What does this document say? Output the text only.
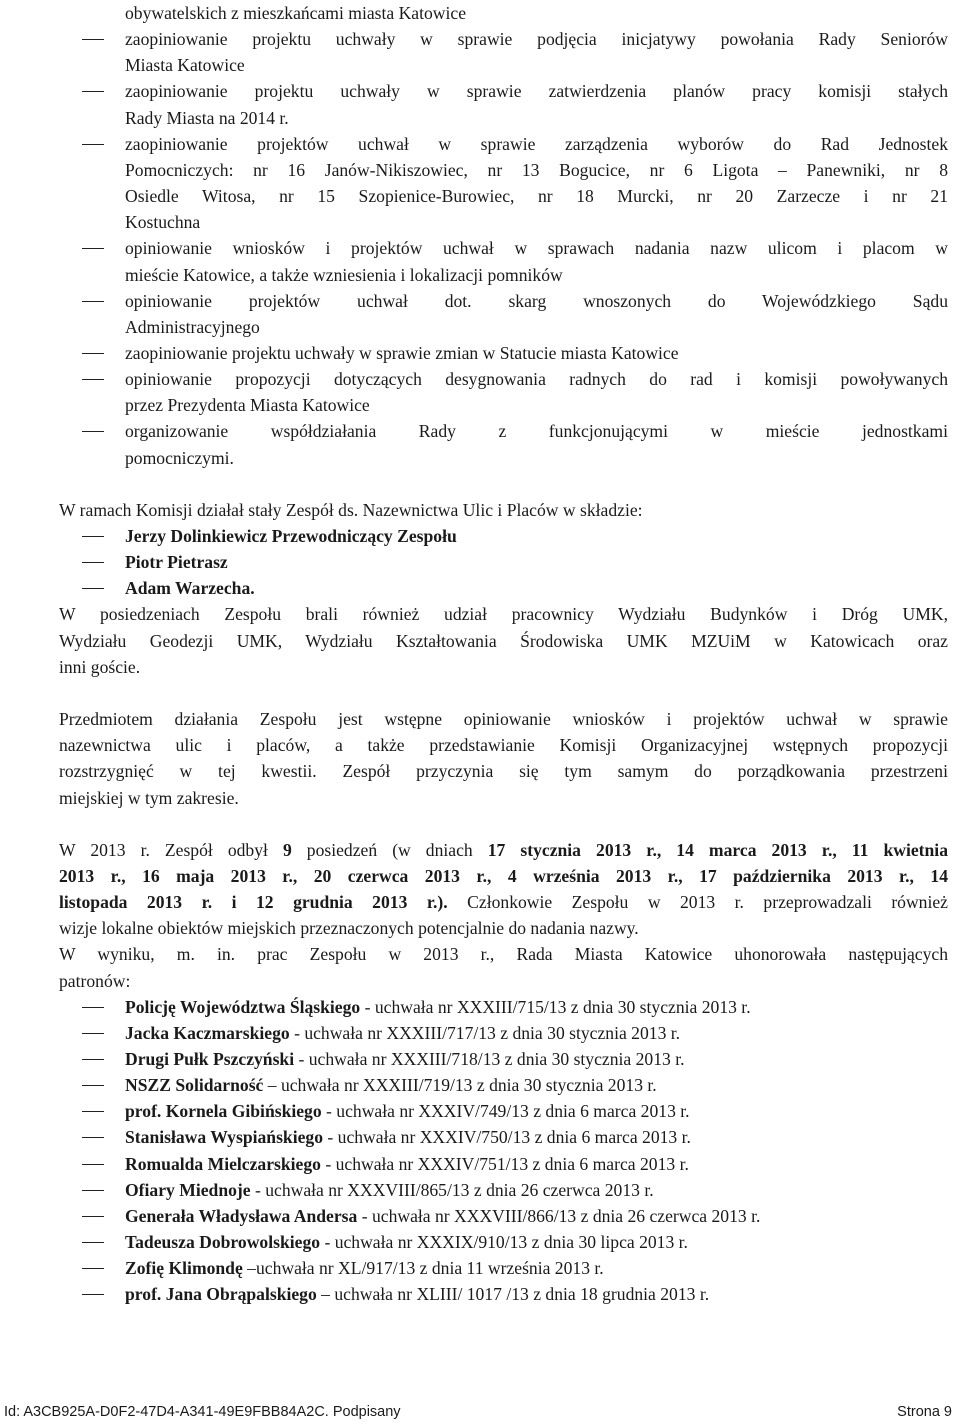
obywatelskich z mieszkańcami miasta Katowice
zaopiniowanie projektu uchwały w sprawie podjęcia inicjatywy powołania Rady Seniorów
Miasta Katowice
zaopiniowanie projektu uchwały w sprawie zatwierdzenia planów pracy komisji stałych
Rady Miasta na 2014 r.
zaopiniowanie projektów uchwał w sprawie zarządzenia wyborów do Rad Jednostek
Pomocniczych: nr 16 Janów-Nikiszowiec, nr 13 Bogucice, nr 6 Ligota – Panewniki, nr 8
Osiedle Witosa, nr 15 Szopienice-Burowiec, nr 18 Murcki, nr 20 Zarzecze i nr 21
Kostuchna
opiniowanie wniosków i projektów uchwał w sprawach nadania nazw ulicom i placom w
mieście Katowice, a także wzniesienia i lokalizacji pomników
opiniowanie projektów uchwał dot. skarg wnoszonych do Wojewódzkiego Sądu
Administracyjnego
zaopiniowanie projektu uchwały w sprawie zmian w Statucie miasta Katowice
opiniowanie propozycji dotyczących desygnowania radnych do rad i komisji powoływanych
przez Prezydenta Miasta Katowice
organizowanie współdziałania Rady z funkcjonującymi w mieście jednostkami
pomocniczymi.
W ramach Komisji działał stały Zespół ds. Nazewnictwa Ulic i Placów w składzie:
Jerzy Dolinkiewicz Przewodniczący Zespołu
Piotr Pietrasz
Adam Warzecha.
W posiedzeniach Zespołu brali również udział pracownicy Wydziału Budynków i Dróg UMK,
Wydziału Geodezji UMK, Wydziału Kształtowania Środowiska UMK MZUiM w Katowicach oraz
inni goście.
Przedmiotem działania Zespołu jest wstępne opiniowanie wniosków i projektów uchwał w sprawie
nazewnictwa ulic i placów, a także przedstawianie Komisji Organizacyjnej wstępnych propozycji
rozstrzygnięć w tej kwestii. Zespół przyczynia się tym samym do porządkowania przestrzeni
miejskiej w tym zakresie.
W 2013 r. Zespół odbył 9 posiedzeń (w dniach 17 stycznia 2013 r., 14 marca 2013 r., 11 kwietnia
2013 r., 16 maja 2013 r., 20 czerwca 2013 r., 4 września 2013 r., 17 października 2013 r., 14
listopada 2013 r. i 12 grudnia 2013 r.). Członkowie Zespołu w 2013 r. przeprowadzali również
wizje lokalne obiektów miejskich przeznaczonych potencjalnie do nadania nazwy.
W wyniku, m. in. prac Zespołu w 2013 r., Rada Miasta Katowice uhonorowała następujących
patronów:
Policję Województwa Śląskiego - uchwała nr XXXIII/715/13 z dnia 30 stycznia 2013 r.
Jacka Kaczmarskiego - uchwała nr XXXIII/717/13 z dnia 30 stycznia 2013 r.
Drugi Pułk Pszczyński - uchwała nr XXXIII/718/13 z dnia 30 stycznia 2013 r.
NSZZ Solidarność – uchwała nr XXXIII/719/13 z dnia 30 stycznia 2013 r.
prof. Kornela Gibińskiego - uchwała nr XXXIV/749/13 z dnia 6 marca 2013 r.
Stanisława Wyspiańskiego - uchwała nr XXXIV/750/13 z dnia 6 marca 2013 r.
Romualda Mielczarskiego - uchwała nr XXXIV/751/13 z dnia 6 marca 2013 r.
Ofiary Miednoje - uchwała nr XXXVIII/865/13 z dnia 26 czerwca 2013 r.
Generała Władysława Andersa - uchwała nr XXXVIII/866/13 z dnia 26 czerwca 2013 r.
Tadeusza Dobrowolskiego - uchwała nr XXXIX/910/13 z dnia 30 lipca 2013 r.
Zofię Klimondę –uchwała nr XL/917/13 z dnia 11 września 2013 r.
prof. Jana Obrąpalskiego – uchwała nr XLIII/ 1017 /13 z dnia 18 grudnia 2013 r.
Id: A3CB925A-D0F2-47D4-A341-49E9FBB84A2C. Podpisany	Strona 9
